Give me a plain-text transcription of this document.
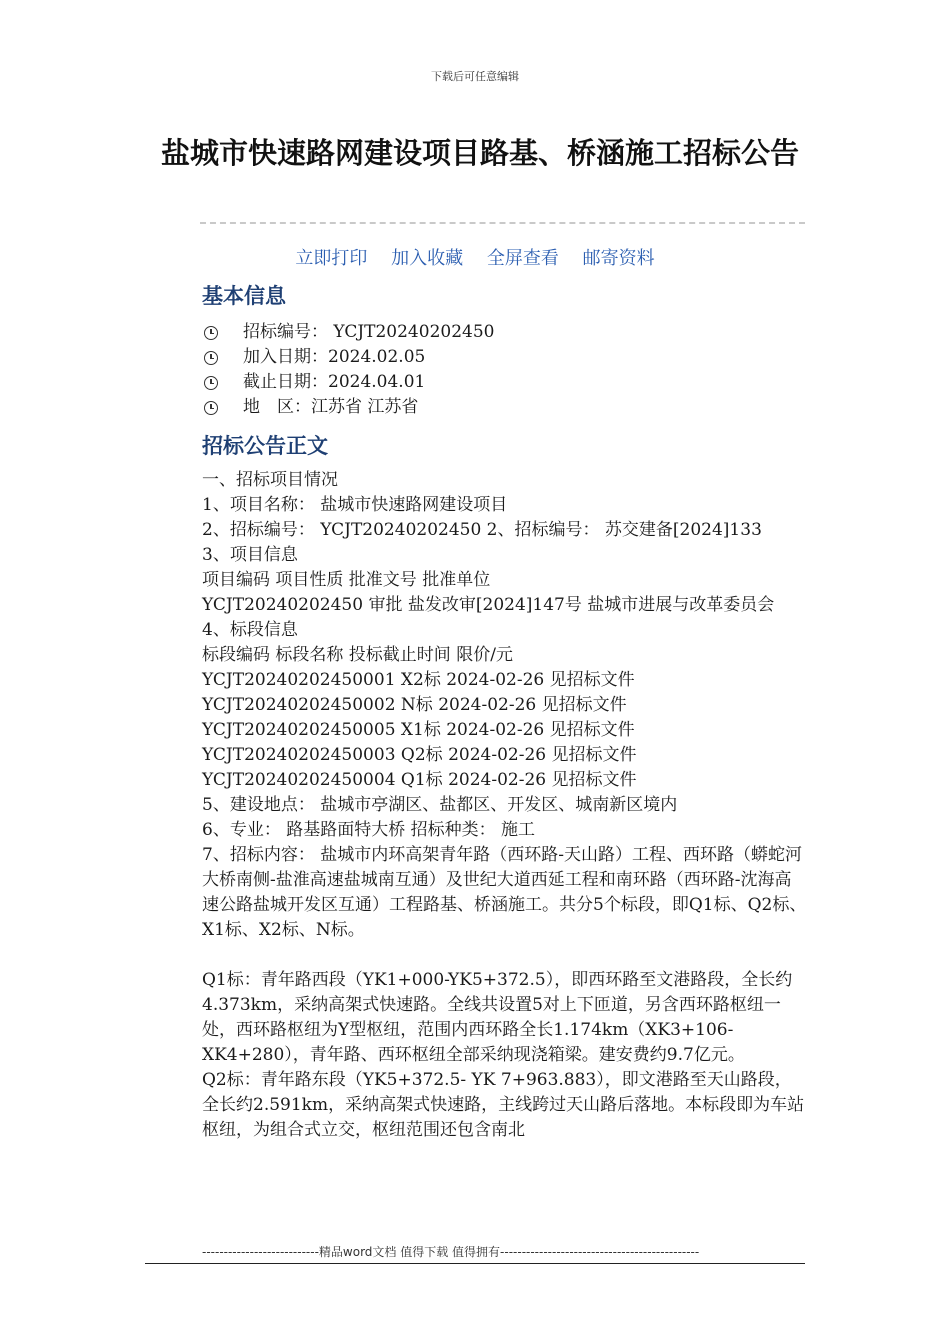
下载后可任意编辑
盐城市快速路网建设项目路基、桥涵施工招标公告
立即打印 加入收藏 全屏查看 邮寄资料
基本信息
招标编号： YCJT20240202450
加入日期： 2024.02.05
截止日期： 2024.04.01
地　区： 江苏省 江苏省
招标公告正文

一、招标项目情况

1、项目名称： 盐城市快速路网建设项目

2、招标编号： YCJT20240202450 2、招标编号： 苏交建备[2024]133

3、项目信息

项目编码 项目性质 批准文号 批准单位

YCJT20240202450 审批 盐发改审[2024]147号 盐城市进展与改革委员会

4、标段信息

标段编码 标段名称 投标截止时间 限价/元

YCJT20240202450001 X2标 2024-02-26 见招标文件

YCJT20240202450002 N标 2024-02-26 见招标文件

YCJT20240202450005 X1标 2024-02-26 见招标文件

YCJT20240202450003 Q2标 2024-02-26 见招标文件

YCJT20240202450004 Q1标 2024-02-26 见招标文件

5、建设地点： 盐城市亭湖区、盐都区、开发区、城南新区境内

6、专业： 路基路面特大桥 招标种类： 施工

7、招标内容： 盐城市内环高架青年路（西环路-天山路）工程、西环路（蟒蛇河大桥南侧-盐淮高速盐城南互通）及世纪大道西延工程和南环路（西环路-沈海高速公路盐城开发区互通）工程路基、桥涵施工。共分5个标段，即Q1标、Q2标、X1标、X2标、N标。

Q1标：青年路西段（YK1+000-YK5+372.5），即西环路至文港路段，全长约4.373km，采纳高架式快速路。全线共设置5对上下匝道，另含西环路枢纽一处，西环路枢纽为Y型枢纽，范围内西环路全长1.174km（XK3+106-XK4+280），青年路、西环枢纽全部采纳现浇箱梁。建安费约9.7亿元。

Q2标：青年路东段（YK5+372.5- YK 7+963.883），即文港路至天山路段，全长约2.591km，采纳高架式快速路，主线跨过天山路后落地。本标段即为车站枢纽，为组合式立交，枢纽范围还包含南北

---------------------------精品word文档 值得下载 值得拥有----------------------------------------------
